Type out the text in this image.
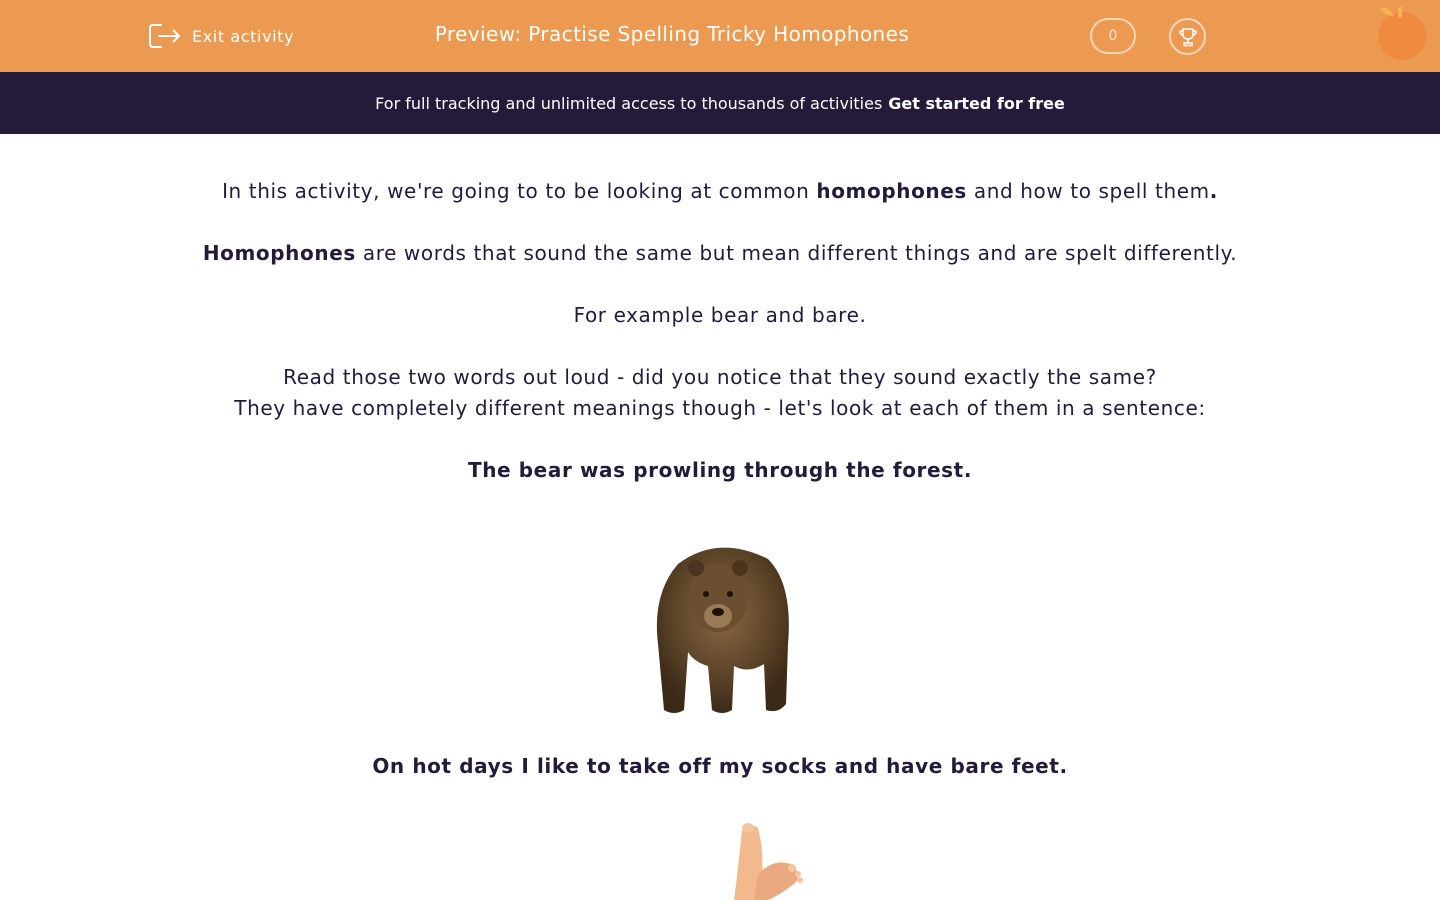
Exit activity	Preview: Practise Spelling Tricky Homophones	0
For full tracking and unlimited access to thousands of activities Get started for free
In this activity, we're going to to be looking at common homophones and how to spell them.
Homophones are words that sound the same but mean different things and are spelt differently.
For example bear and bare.
Read those two words out loud - did you notice that they sound exactly the same?
They have completely different meanings though - let's look at each of them in a sentence:
The bear was prowling through the forest.
On hot days I like to take off my socks and have bare feet.
